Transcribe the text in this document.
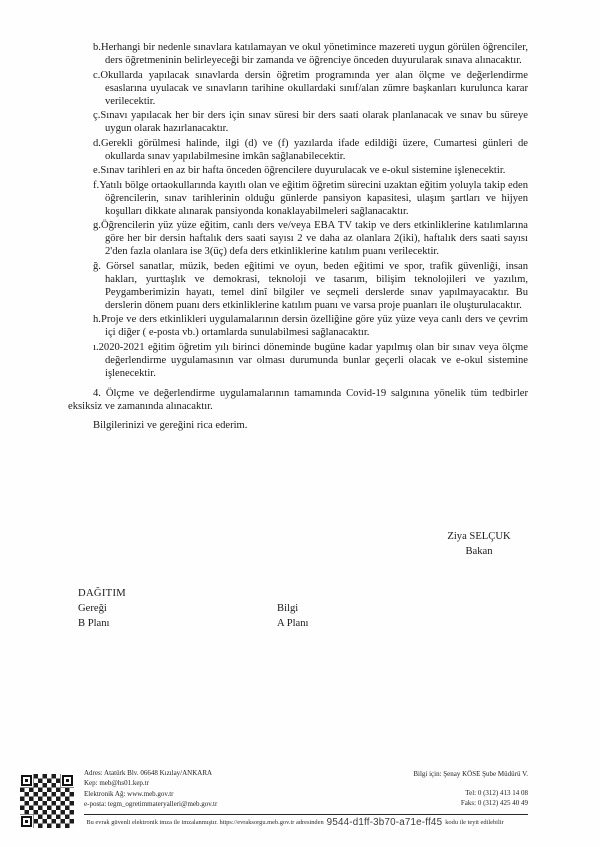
b.Herhangi bir nedenle sınavlara katılamayan ve okul yönetimince mazereti uygun görülen öğrenciler, ders öğretmeninin belirleyeceği bir zamanda ve öğrenciye önceden duyurularak sınava alınacaktır.
c.Okullarda yapılacak sınavlarda dersin öğretim programında yer alan ölçme ve değerlendirme esaslarına uyulacak ve sınavların tarihine okullardaki sınıf/alan zümre başkanları kurulunca karar verilecektir.
ç.Sınavı yapılacak her bir ders için sınav süresi bir ders saati olarak planlanacak ve sınav bu süreye uygun olarak hazırlanacaktır.
d.Gerekli görülmesi halinde, ilgi (d) ve (f) yazılarda ifade edildiği üzere, Cumartesi günleri de okullarda sınav yapılabilmesine imkân sağlanabilecektir.
e.Sınav tarihleri en az bir hafta önceden öğrencilere duyurulacak ve e-okul sistemine işlenecektir.
f.Yatılı bölge ortaokullarında kayıtlı olan ve eğitim öğretim sürecini uzaktan eğitim yoluyla takip eden öğrencilerin, sınav tarihlerinin olduğu günlerde pansiyon kapasitesi, ulaşım şartları ve hijyen koşulları dikkate alınarak pansiyonda konaklayabilmeleri sağlanacaktır.
g.Öğrencilerin yüz yüze eğitim, canlı ders ve/veya EBA TV takip ve ders etkinliklerine katılımlarına göre her bir dersin haftalık ders saati sayısı 2 ve daha az olanlara 2(iki), haftalık ders saati sayısı 2'den fazla olanlara ise 3(üç) defa ders etkinliklerine katılım puanı verilecektir.
ğ. Görsel sanatlar, müzik, beden eğitimi ve oyun, beden eğitimi ve spor, trafik güvenliği, insan hakları, yurttaşlık ve demokrasi, teknoloji ve tasarım, bilişim teknolojileri ve yazılım, Peygamberimizin hayatı, temel dinî bilgiler ve seçmeli derslerde sınav yapılmayacaktır. Bu derslerin dönem puanı ders etkinliklerine katılım puanı ve varsa proje puanları ile oluşturulacaktır.
h.Proje ve ders etkinlikleri uygulamalarının dersin özelliğine göre yüz yüze veya canlı ders ve çevrim içi diğer ( e-posta vb.) ortamlarda sunulabilmesi sağlanacaktır.
ı.2020-2021 eğitim öğretim yılı birinci döneminde bugüne kadar yapılmış olan bir sınav veya ölçme değerlendirme uygulamasının var olması durumunda bunlar geçerli olacak ve e-okul sistemine işlenecektir.
4. Ölçme ve değerlendirme uygulamalarının tamamında Covid-19 salgınına yönelik tüm tedbirler eksiksiz ve zamanında alınacaktır.
Bilgilerinizi ve gereğini rica ederim.
Ziya SELÇUK
Bakan
DAĞITIM
Gereği	Bilgi
B Planı	A Planı
Adres: Atatürk Blv. 06648 Kızılay/ANKARA
Kep: meb@hs01.kep.tr
Elektronik Ağ: www.meb.gov.tr
e-posta: tegm_ogretimmateryalleri@meb.gov.tr
Bilgi için: Şenay KÖSE Şube Müdürü V.
Tel: 0 (312) 413 14 08
Faks: 0 (312) 425 40 49
Bu evrak güvenli elektronik imza ile imzalanmıştır. https://evraksorgu.meb.gov.tr adresinden 9544-d1ff-3b70-a71e-ff45 kodu ile teyit edilebilir
